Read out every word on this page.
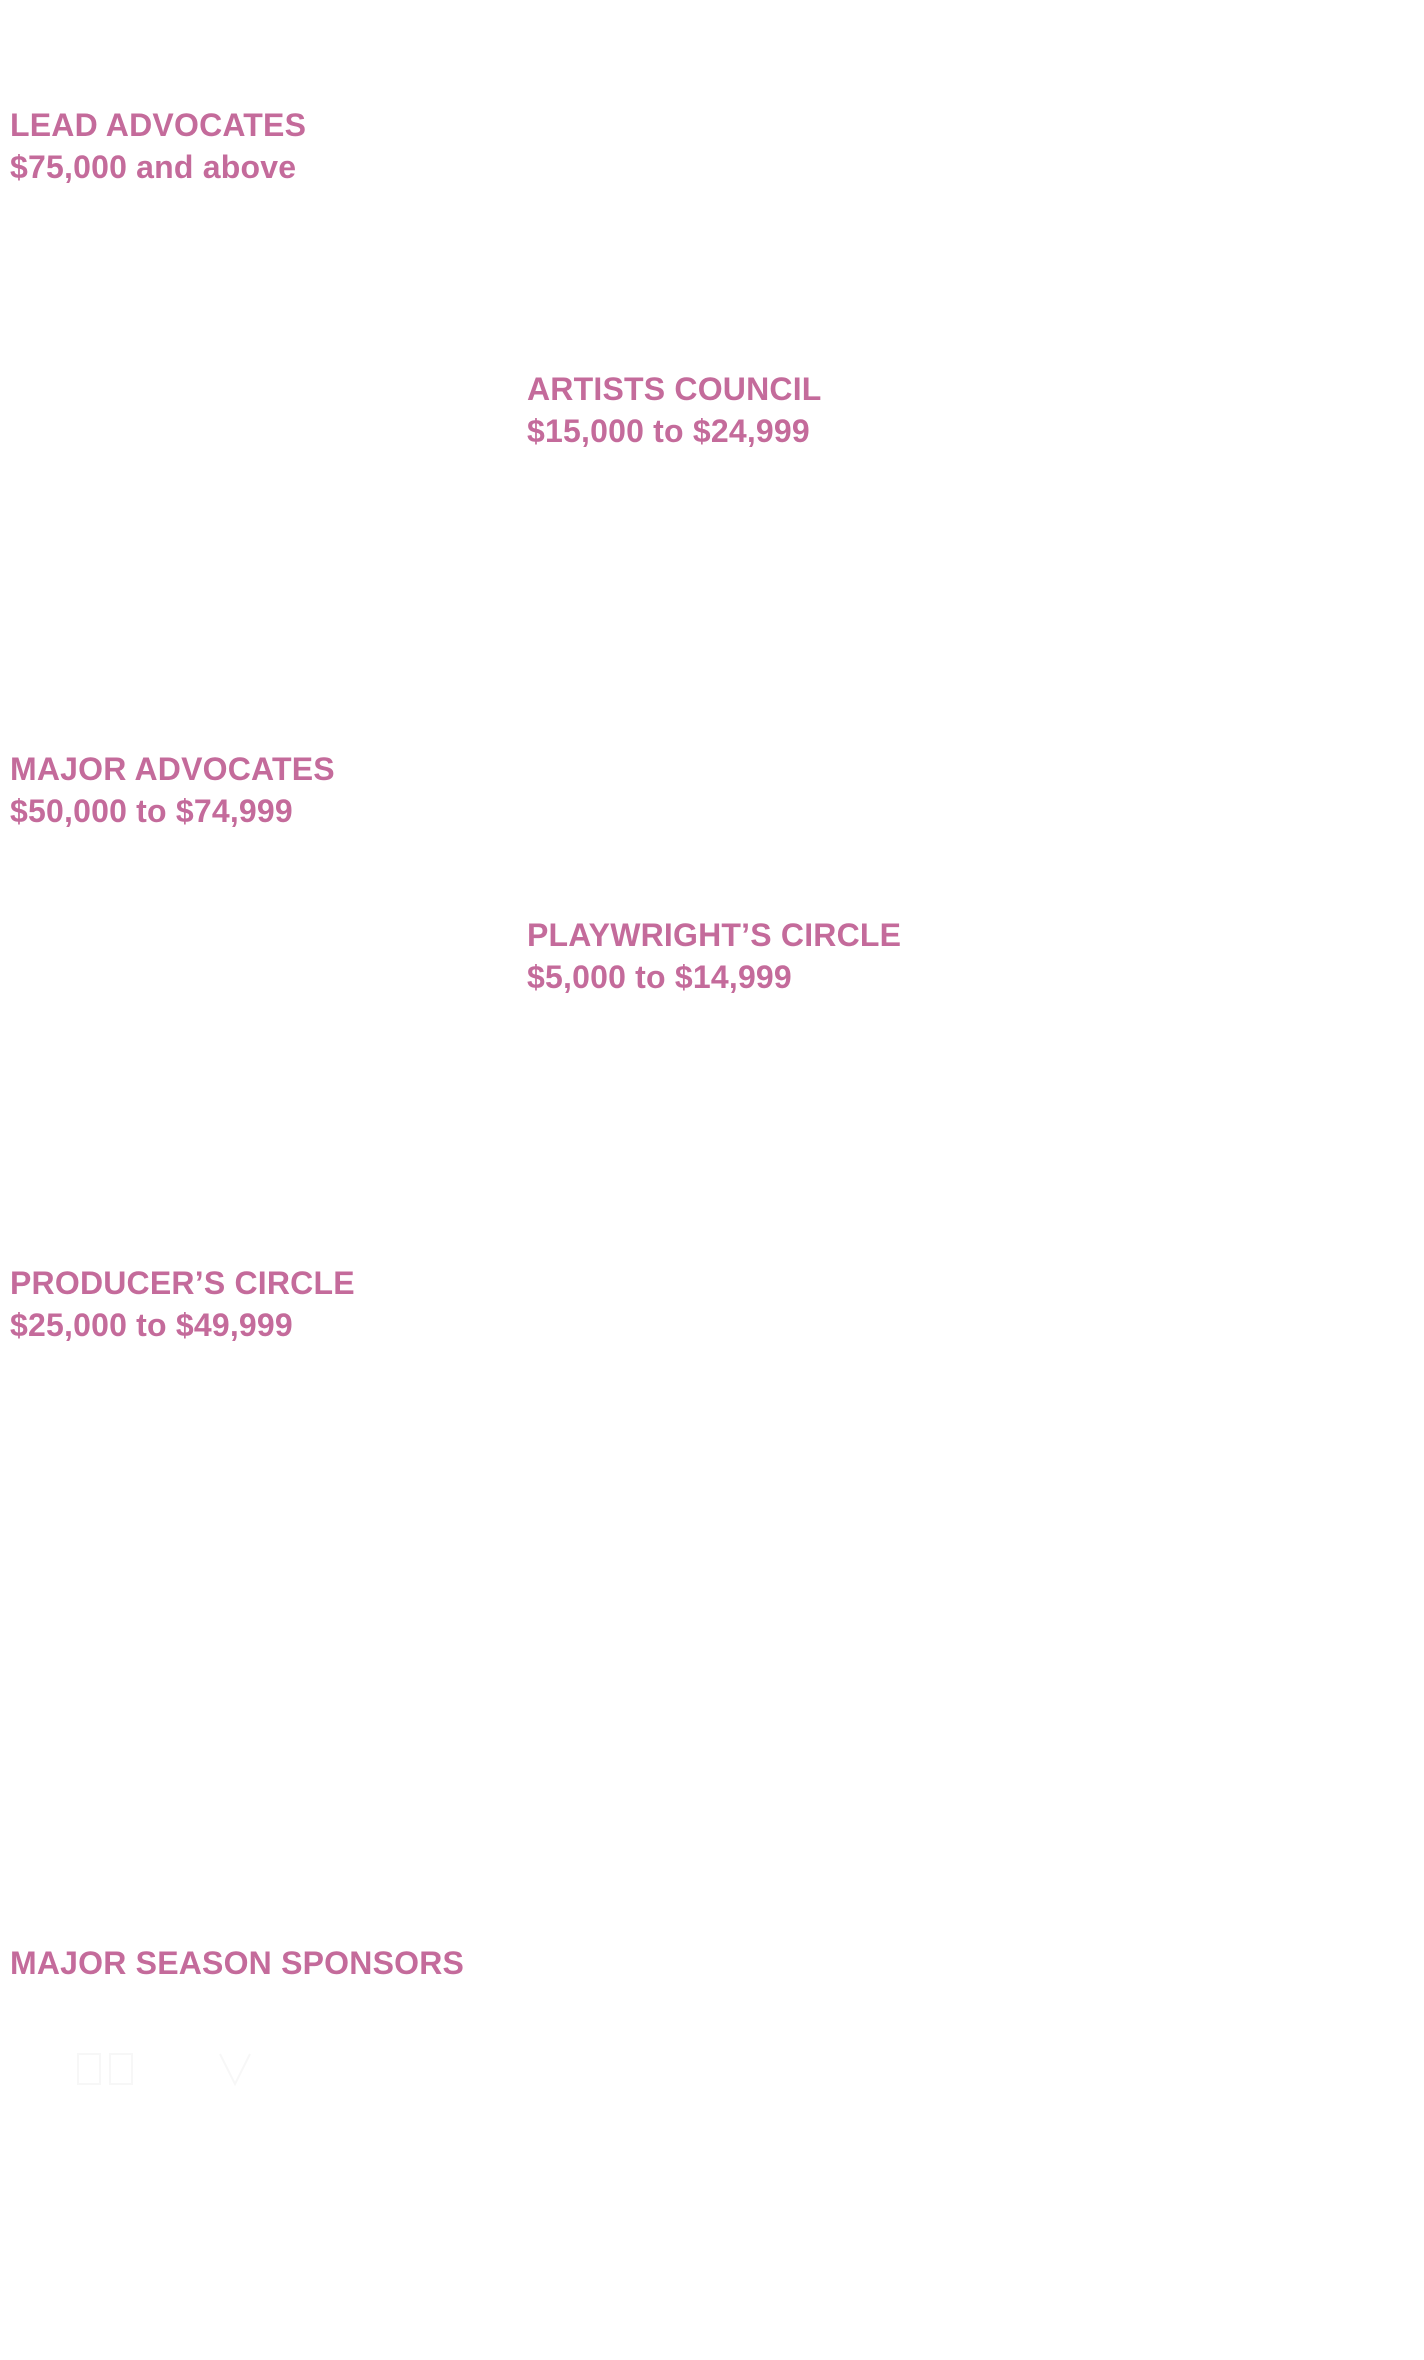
LEAD ADVOCATES
$75,000 and above
ARTISTS COUNCIL
$15,000 to $24,999
MAJOR ADVOCATES
$50,000 to $74,999
PLAYWRIGHT’S CIRCLE
$5,000 to $14,999
PRODUCER’S CIRCLE
$25,000 to $49,999
MAJOR SEASON SPONSORS
